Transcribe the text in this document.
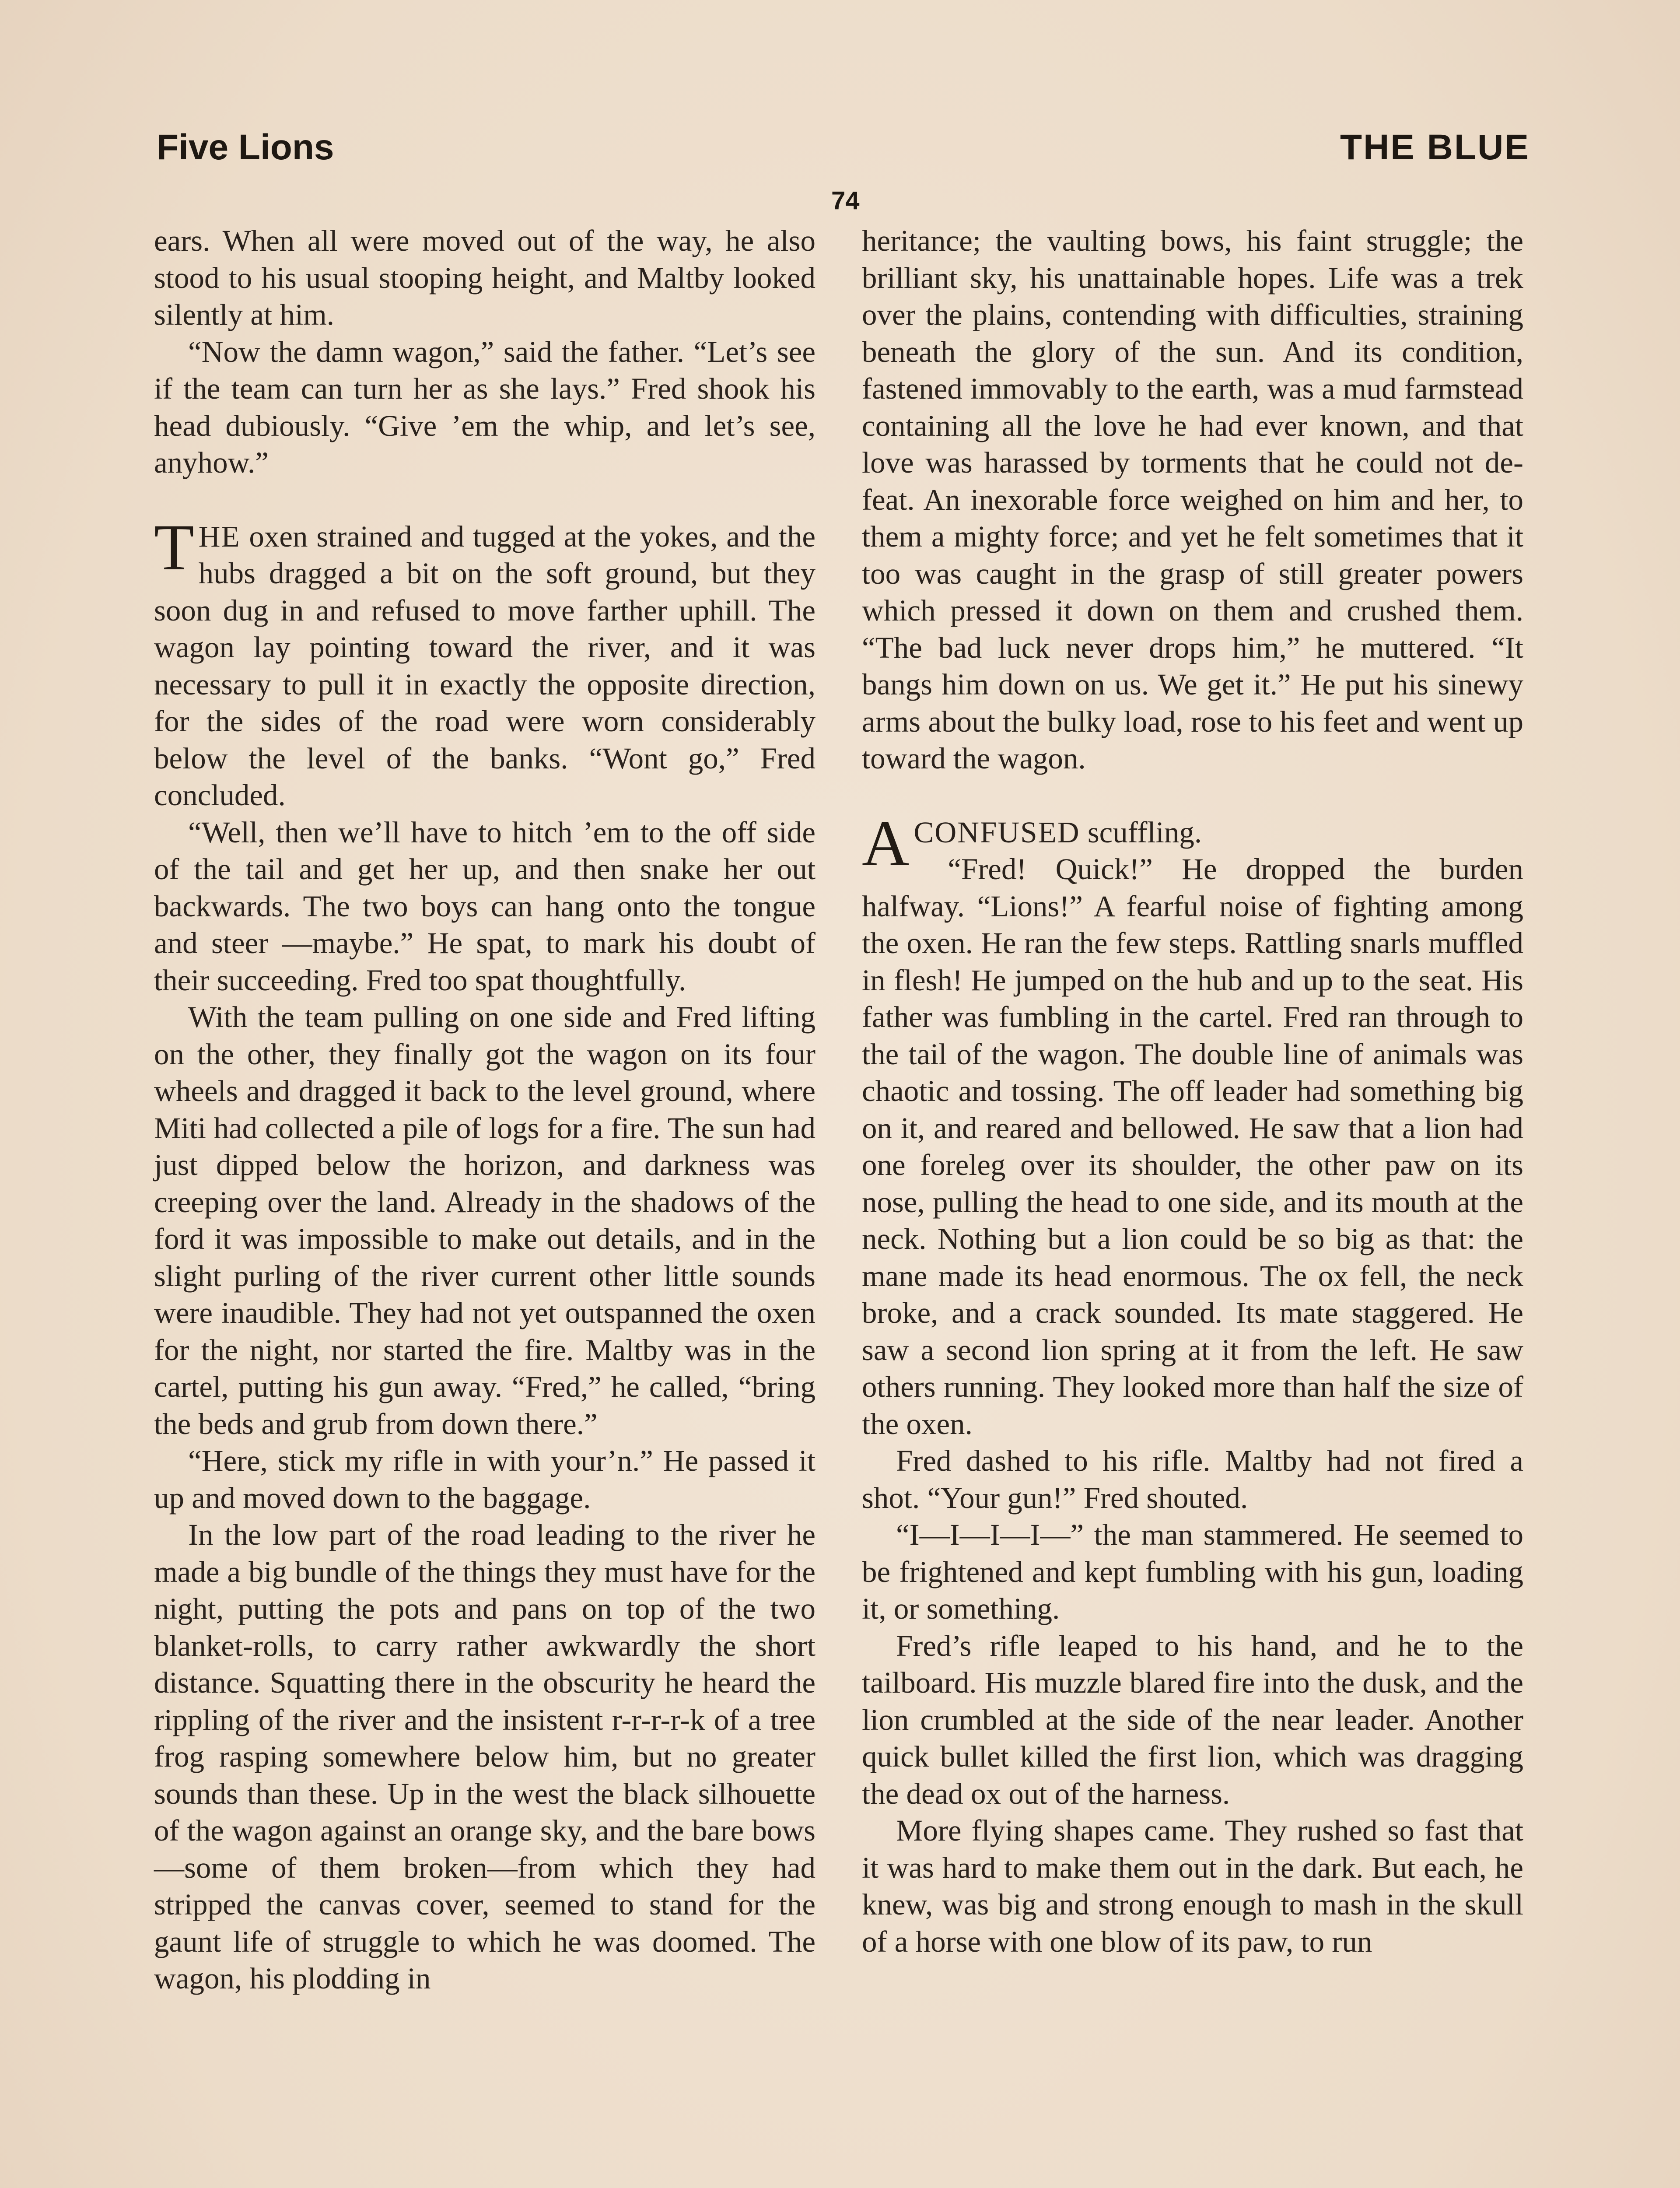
Five Lions	THE BLUE
74

ears. When all were moved out of the way, he also stood to his usual stooping height, and Maltby looked silently at him.

“Now the damn wagon,” said the father. “Let’s see if the team can turn her as she lays.” Fred shook his head dubiously. “Give ’em the whip, and let’s see, anyhow.”

THE oxen strained and tugged at the yokes, and the hubs dragged a bit on the soft ground, but they soon dug in and refused to move farther uphill. The wagon lay pointing toward the river, and it was necessary to pull it in exactly the opposite direction, for the sides of the road were worn considerably below the level of the banks. “Wont go,” Fred concluded.

“Well, then we’ll have to hitch ’em to the off side of the tail and get her up, and then snake her out backwards. The two boys can hang onto the tongue and steer —maybe.” He spat, to mark his doubt of their succeeding. Fred too spat thoughtfully.

With the team pulling on one side and Fred lifting on the other, they finally got the wagon on its four wheels and dragged it back to the level ground, where Miti had collected a pile of logs for a fire. The sun had just dipped below the horizon, and darkness was creeping over the land. Already in the shadows of the ford it was impossible to make out details, and in the slight purling of the river current other little sounds were inaudible. They had not yet outspanned the oxen for the night, nor started the fire. Maltby was in the cartel, putting his gun away. “Fred,” he called, “bring the beds and grub from down there.”

“Here, stick my rifle in with your’n.” He passed it up and moved down to the baggage.

In the low part of the road leading to the river he made a big bundle of the things they must have for the night, putting the pots and pans on top of the two blanket-rolls, to carry rather awkwardly the short distance. Squatting there in the obscurity he heard the rippling of the river and the insistent r-r-r-r-k of a tree frog rasping somewhere below him, but no greater sounds than these. Up in the west the black silhouette of the wagon against an orange sky, and the bare bows—some of them broken—from which they had stripped the canvas cover, seemed to stand for the gaunt life of struggle to which he was doomed. The wagon, his plodding in

heritance; the vaulting bows, his faint struggle; the brilliant sky, his unattainable hopes. Life was a trek over the plains, contending with difficulties, straining beneath the glory of the sun. And its condition, fastened immovably to the earth, was a mud farmstead containing all the love he had ever known, and that love was harassed by torments that he could not defeat. An inexorable force weighed on him and her, to them a mighty force; and yet he felt sometimes that it too was caught in the grasp of still greater powers which pressed it down on them and crushed them. “The bad luck never drops him,” he muttered. “It bangs him down on us. We get it.” He put his sinewy arms about the bulky load, rose to his feet and went up toward the wagon.

ACONFUSED scuffling.

“Fred! Quick!” He dropped the burden halfway. “Lions!” A fearful noise of fighting among the oxen. He ran the few steps. Rattling snarls muffled in flesh! He jumped on the hub and up to the seat. His father was fumbling in the cartel. Fred ran through to the tail of the wagon. The double line of animals was chaotic and tossing. The off leader had something big on it, and reared and bellowed. He saw that a lion had one foreleg over its shoulder, the other paw on its nose, pulling the head to one side, and its mouth at the neck. Nothing but a lion could be so big as that: the mane made its head enormous. The ox fell, the neck broke, and a crack sounded. Its mate staggered. He saw a second lion spring at it from the left. He saw others running. They looked more than half the size of the oxen.

Fred dashed to his rifle. Maltby had not fired a shot. “Your gun!” Fred shouted.

“I—I—I—I—” the man stammered. He seemed to be frightened and kept fumbling with his gun, loading it, or something.

Fred’s rifle leaped to his hand, and he to the tailboard. His muzzle blared fire into the dusk, and the lion crumbled at the side of the near leader. Another quick bullet killed the first lion, which was dragging the dead ox out of the harness.

More flying shapes came. They rushed so fast that it was hard to make them out in the dark. But each, he knew, was big and strong enough to mash in the skull of a horse with one blow of its paw, to run
